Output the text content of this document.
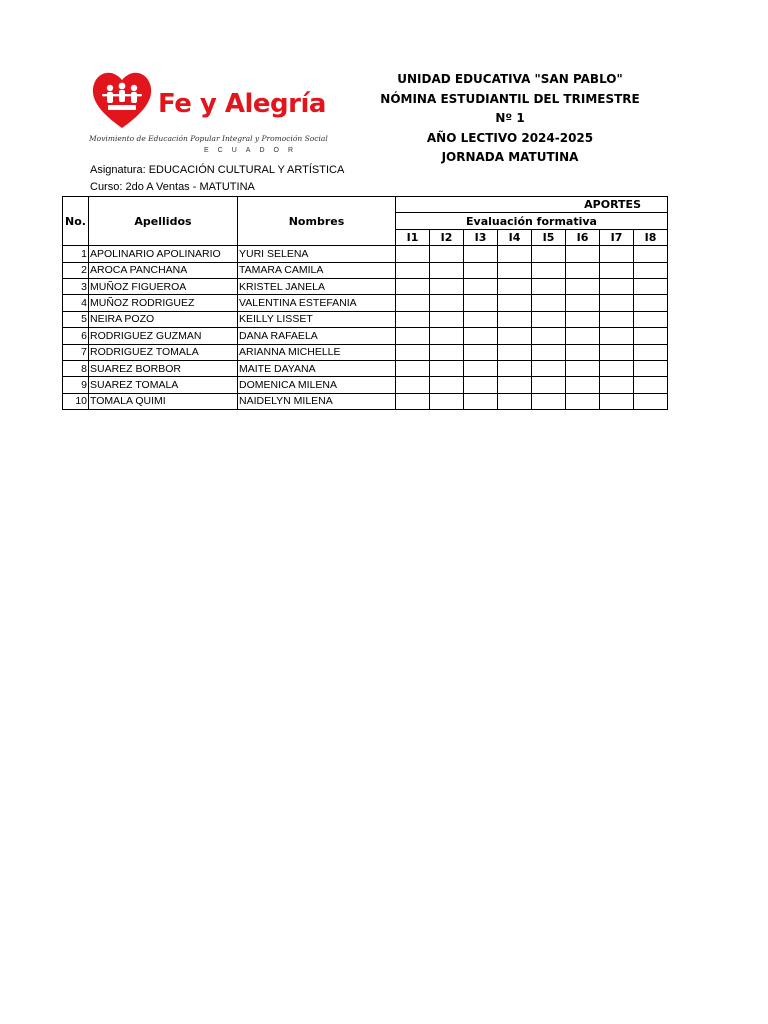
Fe y Alegría
Movimiento de Educación Popular Integral y Promoción Social
ECUADOR
UNIDAD EDUCATIVA "SAN PABLO"
NÓMINA ESTUDIANTIL DEL TRIMESTRE Nº 1
AÑO LECTIVO 2024-2025
JORNADA MATUTINA
Asignatura: EDUCACIÓN CULTURAL Y ARTÍSTICA
Curso: 2do A Ventas - MATUTINA
No.	Apellidos	Nombres	APORTES							
			Evaluación formativa							
			I1	I2	I3	I4	I5	I6	I7	I8
1	APOLINARIO APOLINARIO	YURI SELENA								
2	AROCA PANCHANA	TAMARA CAMILA								
3	MUÑOZ FIGUEROA	KRISTEL JANELA								
4	MUÑOZ RODRIGUEZ	VALENTINA ESTEFANIA								
5	NEIRA POZO	KEILLY LISSET								
6	RODRIGUEZ GUZMAN	DANA RAFAELA								
7	RODRIGUEZ TOMALA	ARIANNA MICHELLE								
8	SUAREZ BORBOR	MAITE DAYANA								
9	SUAREZ TOMALA	DOMENICA MILENA								
10	TOMALA QUIMI	NAIDELYN MILENA								
